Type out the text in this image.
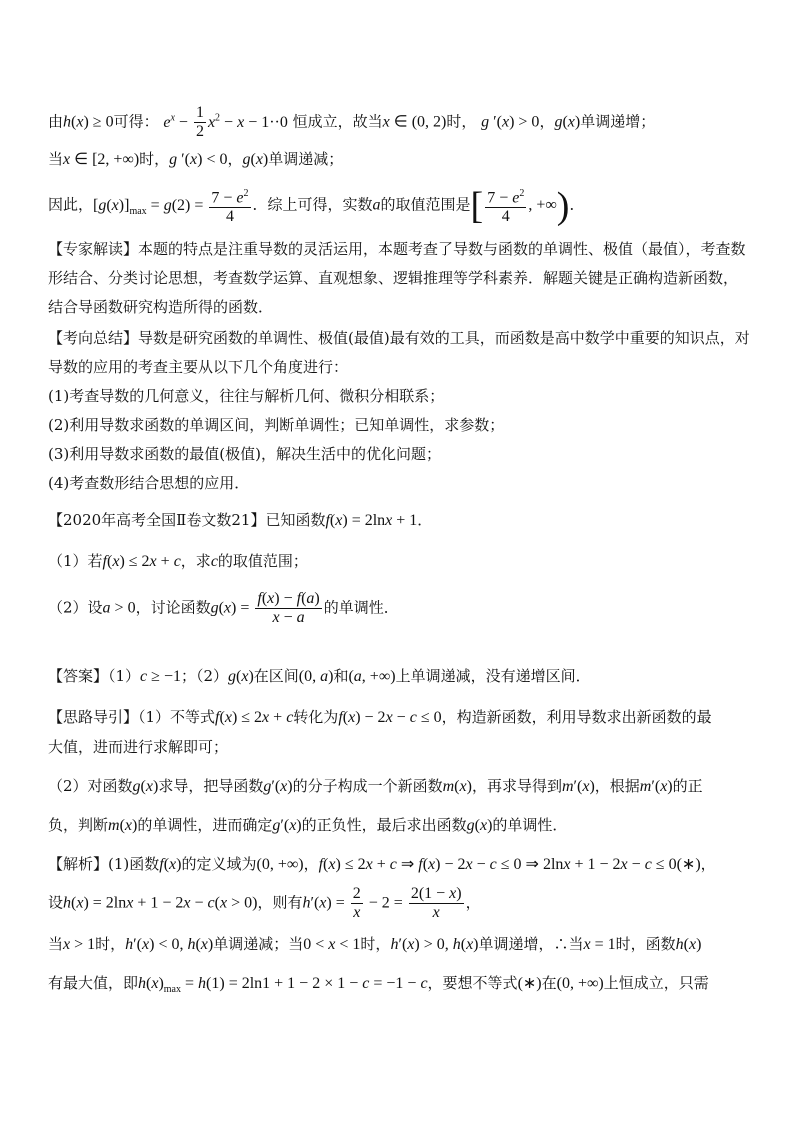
由h(x) ≥ 0可得： $e^x - \frac{1}{2} x^2 - x - 1\cdot\cdot 0$ 恒成立，故当x ∈ (0, 2)时， g ′(x) > 0，g(x)单调递增；
当x ∈ [2, +∞)时，g ′(x) < 0，g(x)单调递减；
因此，$[g(x)]_{max} = g(2) = \frac{7 - e^2}{4}$ ．综上可得，实数a的取值范围是[ $\frac{7 - e^2}{4}$ , +∞)．
【专家解读】本题的特点是注重导数的灵活运用，本题考查了导数与函数的单调性、极值（最值），考查数
形结合、分类讨论思想，考查数学运算、直观想象、逻辑推理等学科素养．解题关键是正确构造新函数，
结合导函数研究构造所得的函数．
【考向总结】导数是研究函数的单调性、极值(最值)最有效的工具，而函数是高中数学中重要的知识点，对
导数的应用的考查主要从以下几个角度进行：
(1)考查导数的几何意义，往往与解析几何、微积分相联系；
(2)利用导数求函数的单调区间，判断单调性；已知单调性，求参数；
(3)利用导数求函数的最值(极值)，解决生活中的优化问题；
(4)考查数形结合思想的应用．
【2020年高考全国Ⅱ卷文数21】已知函数f(x) = 2lnx + 1．
（1）若f(x) ≤ 2x + c，求c的取值范围；
（2）设a > 0，讨论函数$g(x) = \frac{f(x) - f(a)}{x - a}$ 的单调性．
【答案】（1）c ≥ −1；（2）g(x)在区间(0, a)和(a, +∞)上单调递减，没有递增区间．
【思路导引】（1）不等式f(x) ≤ 2x + c转化为f(x) − 2x − c ≤ 0，构造新函数，利用导数求出新函数的最
大值，进而进行求解即可；
（2）对函数g(x)求导，把导函数g′(x)的分子构成一个新函数m(x)，再求导得到m′(x)，根据m′(x)的正
负，判断m(x)的单调性，进而确定g′(x)的正负性，最后求出函数g(x)的单调性．
【解析】(1)函数f(x)的定义域为(0, +∞)，f(x) ≤ 2x + c ⇒ f(x) − 2x − c ≤ 0 ⇒ 2lnx + 1 − 2x − c ≤ 0(∗)，
设h(x) = 2lnx + 1 − 2x − c(x > 0)，则有$h'(x) = \frac{2}{x} - 2 = \frac{2(1 - x)}{x}$ ，
当x > 1时，h′(x) < 0, h(x)单调递减；当0 < x < 1时，h′(x) > 0, h(x)单调递增，∴当x = 1时，函数h(x)
有最大值，即$h(x)_{max} = h(1) = 2\ln 1 + 1 - 2 \times 1 - c = -1 - c$，要想不等式(∗)在(0, +∞)上恒成立，只需
